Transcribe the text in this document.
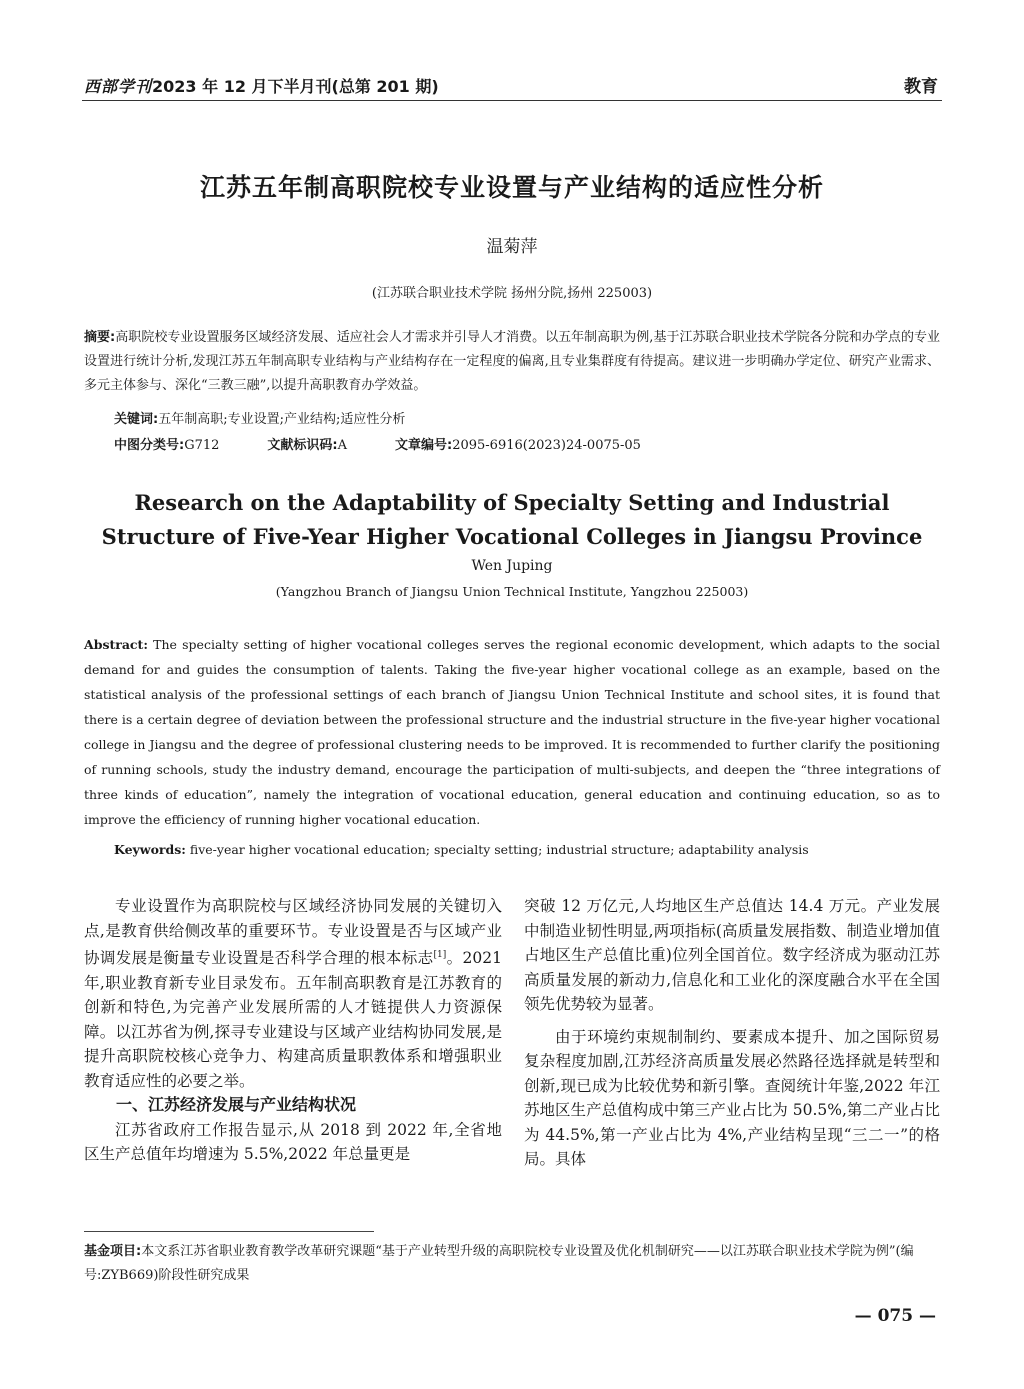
西部学刊2023 年 12 月下半月刊(总第 201 期)	教育
江苏五年制高职院校专业设置与产业结构的适应性分析
温菊萍
(江苏联合职业技术学院 扬州分院,扬州 225003)
摘要:高职院校专业设置服务区域经济发展、适应社会人才需求并引导人才消费。以五年制高职为例,基于江苏联合职业技术学院各分院和办学点的专业设置进行统计分析,发现江苏五年制高职专业结构与产业结构存在一定程度的偏离,且专业集群度有待提高。建议进一步明确办学定位、研究产业需求、多元主体参与、深化“三教三融”,以提升高职教育办学效益。
关键词:五年制高职;专业设置;产业结构;适应性分析
中图分类号:G712	文献标识码:A	文章编号:2095-6916(2023)24-0075-05
Research on the Adaptability of Specialty Setting and Industrial
Structure of Five-Year Higher Vocational Colleges in Jiangsu Province
Wen Juping
(Yangzhou Branch of Jiangsu Union Technical Institute, Yangzhou 225003)
Abstract: The specialty setting of higher vocational colleges serves the regional economic development, which adapts to the social demand for and guides the consumption of talents. Taking the five-year higher vocational college as an example, based on the statistical analysis of the professional settings of each branch of Jiangsu Union Technical Institute and school sites, it is found that there is a certain degree of deviation between the professional structure and the industrial structure in the five-year higher vocational college in Jiangsu and the degree of professional clustering needs to be improved. It is recommended to further clarify the positioning of running schools, study the industry demand, encourage the participation of multi-subjects, and deepen the “three integrations of three kinds of education”, namely the integration of vocational education, general education and continuing education, so as to improve the efficiency of running higher vocational education.
Keywords: five-year higher vocational education; specialty setting; industrial structure; adaptability analysis

专业设置作为高职院校与区域经济协同发展的关键切入点,是教育供给侧改革的重要环节。专业设置是否与区域产业协调发展是衡量专业设置是否科学合理的根本标志[1]。2021 年,职业教育新专业目录发布。五年制高职教育是江苏教育的创新和特色,为完善产业发展所需的人才链提供人力资源保障。以江苏省为例,探寻专业建设与区域产业结构协同发展,是提升高职院校核心竞争力、构建高质量职教体系和增强职业教育适应性的必要之举。

一、江苏经济发展与产业结构状况

江苏省政府工作报告显示,从 2018 到 2022 年,全省地区生产总值年均增速为 5.5%,2022 年总量更是

突破 12 万亿元,人均地区生产总值达 14.4 万元。产业发展中制造业韧性明显,两项指标(高质量发展指数、制造业增加值占地区生产总值比重)位列全国首位。数字经济成为驱动江苏高质量发展的新动力,信息化和工业化的深度融合水平在全国领先优势较为显著。

由于环境约束规制制约、要素成本提升、加之国际贸易复杂程度加剧,江苏经济高质量发展必然路径选择就是转型和创新,现已成为比较优势和新引擎。查阅统计年鉴,2022 年江苏地区生产总值构成中第三产业占比为 50.5%,第二产业占比为 44.5%,第一产业占比为 4%,产业结构呈现“三二一”的格局。具体

基金项目:本文系江苏省职业教育教学改革研究课题“基于产业转型升级的高职院校专业设置及优化机制研究——以江苏联合职业技术学院为例”(编号:ZYB669)阶段性研究成果
— 075 —
